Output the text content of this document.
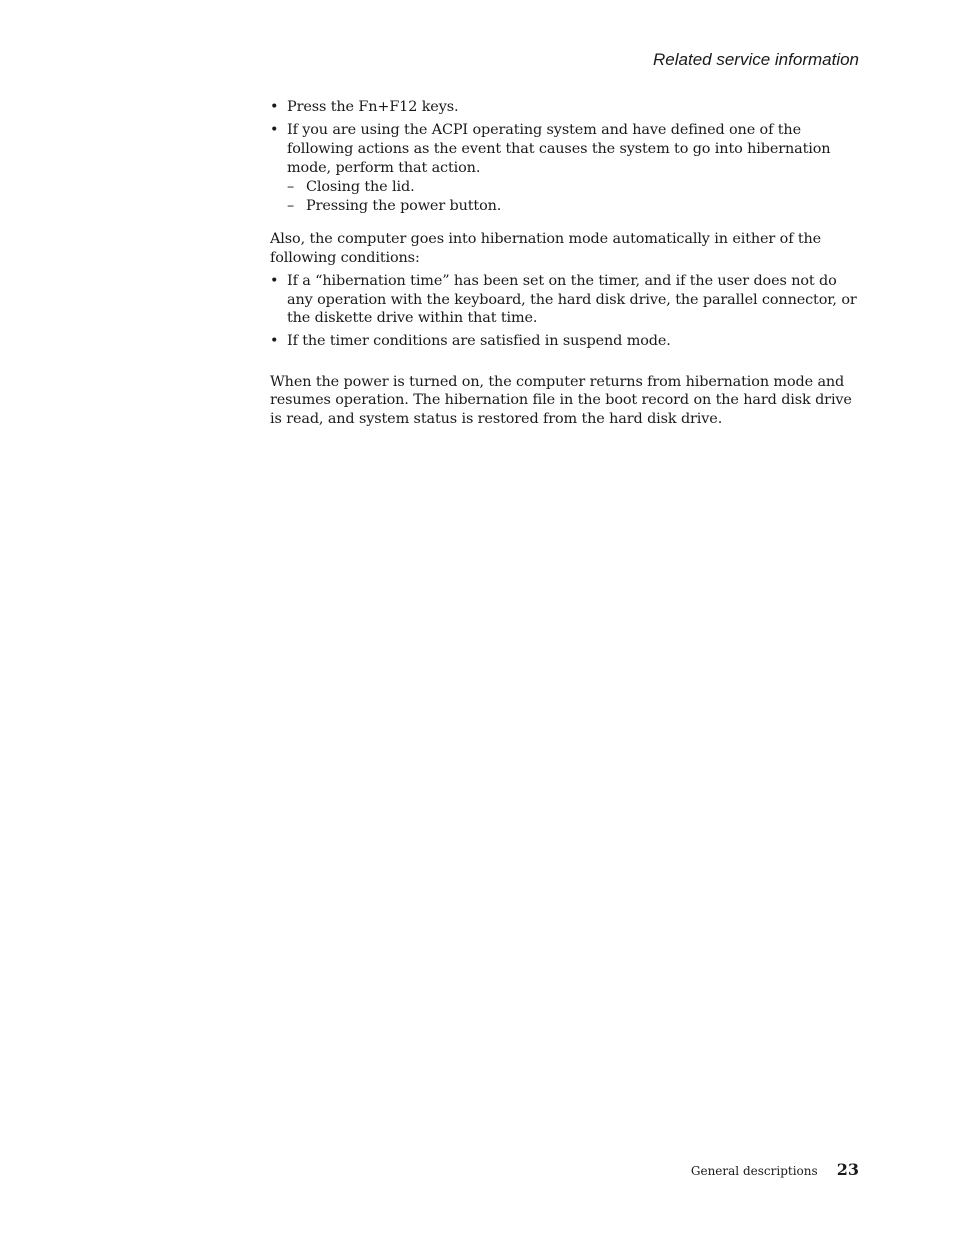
Related service information
• Press the Fn+F12 keys.
• If you are using the ACPI operating system and have defined one of the following actions as the event that causes the system to go into hibernation mode, perform that action.
– Closing the lid.
– Pressing the power button.

Also, the computer goes into hibernation mode automatically in either of the following conditions:

• If a “hibernation time” has been set on the timer, and if the user does not do any operation with the keyboard, the hard disk drive, the parallel connector, or the diskette drive within that time.
• If the timer conditions are satisfied in suspend mode.

When the power is turned on, the computer returns from hibernation mode and resumes operation. The hibernation file in the boot record on the hard disk drive is read, and system status is restored from the hard disk drive.

General descriptions 23
